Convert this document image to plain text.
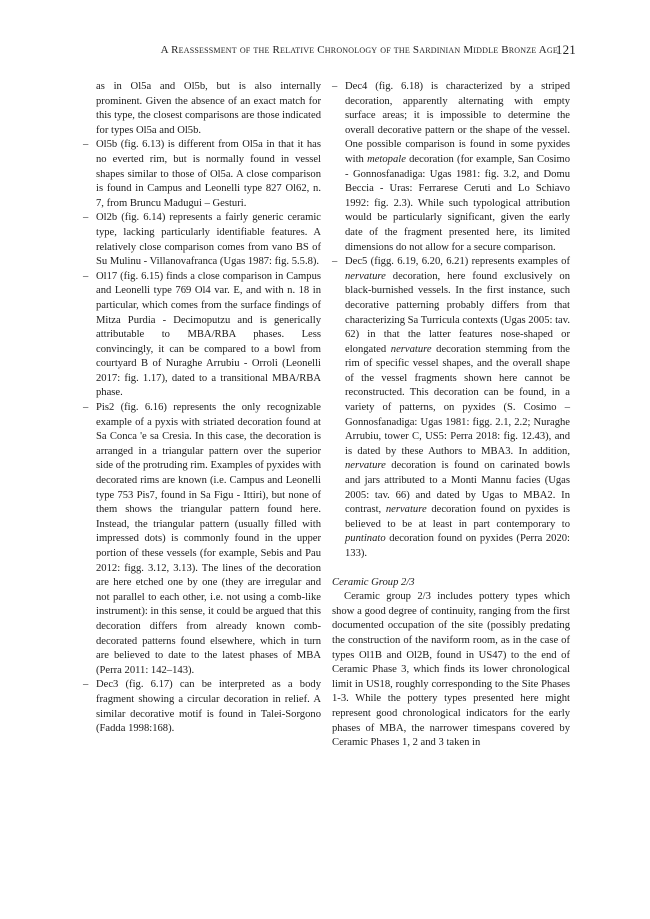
A Reassessment of the Relative Chronology of the Sardinian Middle Bronze Age
121

as in Ol5a and Ol5b, but is also internally prominent. Given the absence of an exact match for this type, the closest comparisons are those indicated for types Ol5a and Ol5b.

– Ol5b (fig. 6.13) is different from Ol5a in that it has no everted rim, but is normally found in vessel shapes similar to those of Ol5a. A close comparison is found in Campus and Leonelli type 827 Ol62, n. 7, from Bruncu Madugui – Gesturi.

– Ol2b (fig. 6.14) represents a fairly generic ceramic type, lacking particularly identifiable features. A relatively close comparison comes from vano BS of Su Mulinu - Villanovafranca (Ugas 1987: fig. 5.5.8).

– Ol17 (fig. 6.15) finds a close comparison in Campus and Leonelli type 769 Ol4 var. E, and with n. 18 in particular, which comes from the surface findings of Mitza Purdia - Decimoputzu and is generically attributable to MBA/RBA phases. Less convincingly, it can be compared to a bowl from courtyard B of Nuraghe Arrubiu - Orroli (Leonelli 2017: fig. 1.17), dated to a transitional MBA/RBA phase.

– Pis2 (fig. 6.16) represents the only recognizable example of a pyxis with striated decoration found at Sa Conca 'e sa Cresia. In this case, the decoration is arranged in a triangular pattern over the superior side of the protruding rim. Examples of pyxides with decorated rims are known (i.e. Campus and Leonelli type 753 Pis7, found in Sa Figu - Ittiri), but none of them shows the triangular pattern found here. Instead, the triangular pattern (usually filled with impressed dots) is commonly found in the upper portion of these vessels (for example, Sebis and Pau 2012: figg. 3.12, 3.13). The lines of the decoration are here etched one by one (they are irregular and not parallel to each other, i.e. not using a comb-like instrument): in this sense, it could be argued that this decoration differs from already known comb-decorated patterns found elsewhere, which in turn are believed to date to the latest phases of MBA (Perra 2011: 142–143).

– Dec3 (fig. 6.17) can be interpreted as a body fragment showing a circular decoration in relief. A similar decorative motif is found in Talei-Sorgono (Fadda 1998:168).

– Dec4 (fig. 6.18) is characterized by a striped decoration, apparently alternating with empty surface areas; it is impossible to determine the overall decorative pattern or the shape of the vessel. One possible comparison is found in some pyxides with metopale decoration (for example, San Cosimo - Gonnosfanadiga: Ugas 1981: fig. 3.2, and Domu Beccia - Uras: Ferrarese Ceruti and Lo Schiavo 1992: fig. 2.3). While such typological attribution would be particularly significant, given the early date of the fragment presented here, its limited dimensions do not allow for a secure comparison.

– Dec5 (figg. 6.19, 6.20, 6.21) represents examples of nervature decoration, here found exclusively on black-burnished vessels. In the first instance, such decorative patterning probably differs from that characterizing Sa Turricula contexts (Ugas 2005: tav. 62) in that the latter features nose-shaped or elongated nervature decoration stemming from the rim of specific vessel shapes, and the overall shape of the vessel fragments shown here cannot be reconstructed. This decoration can be found, in a variety of patterns, on pyxides (S. Cosimo – Gonnosfanadiga: Ugas 1981: figg. 2.1, 2.2; Nuraghe Arrubiu, tower C, US5: Perra 2018: fig. 12.43), and is dated by these Authors to MBA3. In addition, nervature decoration is found on carinated bowls and jars attributed to a Monti Mannu facies (Ugas 2005: tav. 66) and dated by Ugas to MBA2. In contrast, nervature decoration found on pyxides is believed to be at least in part contemporary to puntinato decoration found on pyxides (Perra 2020: 133).

Ceramic Group 2/3

Ceramic group 2/3 includes pottery types which show a good degree of continuity, ranging from the first documented occupation of the site (possibly predating the construction of the naviform room, as in the case of types Ol1B and Ol2B, found in US47) to the end of Ceramic Phase 3, which finds its lower chronological limit in US18, roughly corresponding to the Site Phases 1-3. While the pottery types presented here might represent good chronological indicators for the early phases of MBA, the narrower timespans covered by Ceramic Phases 1, 2 and 3 taken in
